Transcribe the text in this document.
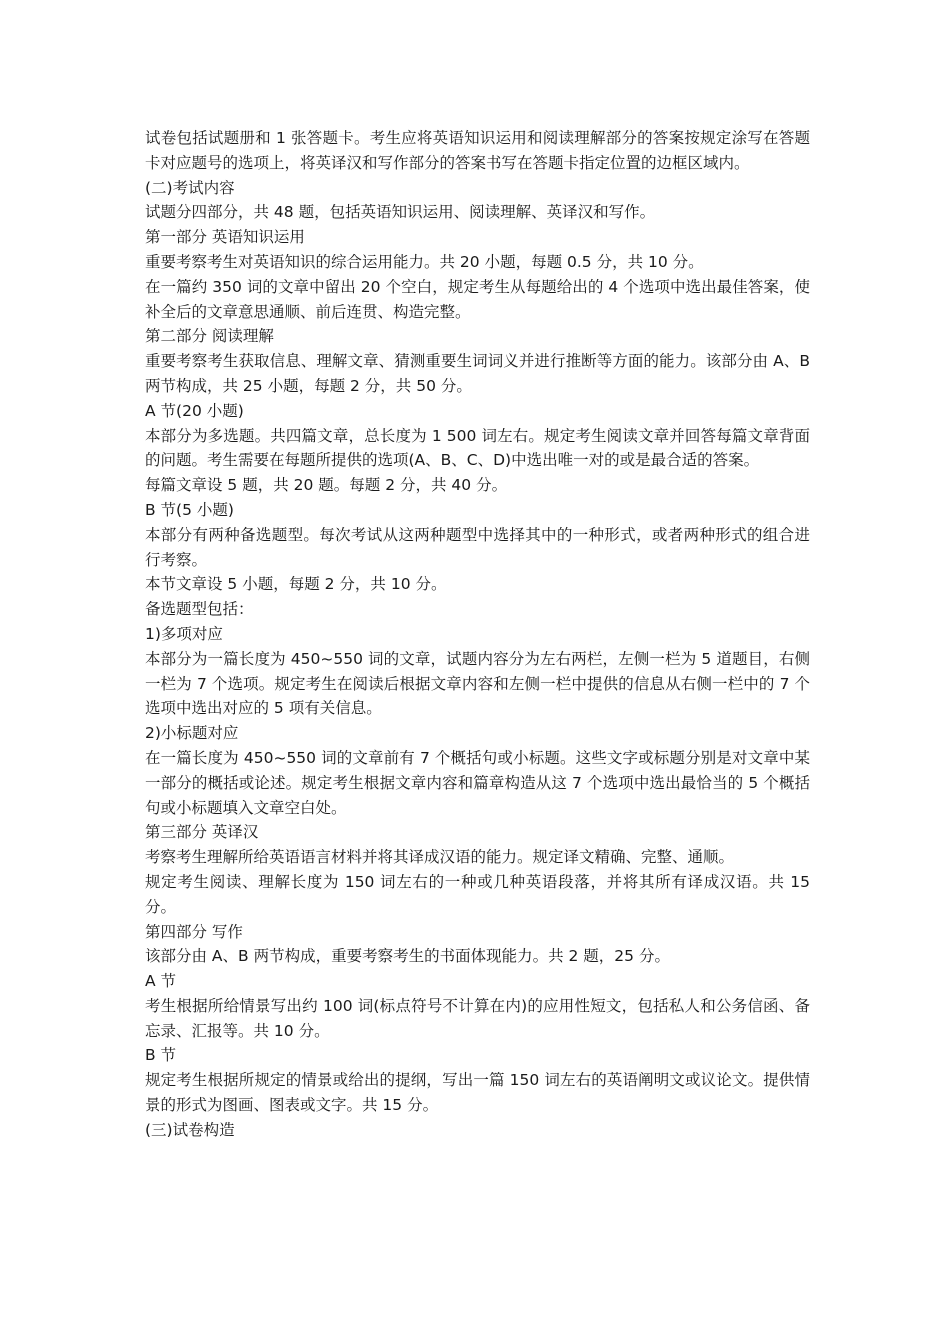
试卷包括试题册和 1 张答题卡。考生应将英语知识运用和阅读理解部分的答案按规定涂写在答题卡对应题号的选项上，将英译汉和写作部分的答案书写在答题卡指定位置的边框区域内。

(二)考试内容

试题分四部分，共 48 题，包括英语知识运用、阅读理解、英译汉和写作。

第一部分 英语知识运用

重要考察考生对英语知识的综合运用能力。共 20 小题，每题 0.5 分，共 10 分。

在一篇约 350 词的文章中留出 20 个空白，规定考生从每题给出的 4 个选项中选出最佳答案，使补全后的文章意思通顺、前后连贯、构造完整。

第二部分 阅读理解

重要考察考生获取信息、理解文章、猜测重要生词词义并进行推断等方面的能力。该部分由 A、B 两节构成，共 25 小题，每题 2 分，共 50 分。

A 节(20 小题)

本部分为多选题。共四篇文章，总长度为 1 500 词左右。规定考生阅读文章并回答每篇文章背面的问题。考生需要在每题所提供的选项(A、B、C、D)中选出唯一对的或是最合适的答案。

每篇文章设 5 题，共 20 题。每题 2 分，共 40 分。

B 节(5 小题)

本部分有两种备选题型。每次考试从这两种题型中选择其中的一种形式，或者两种形式的组合进行考察。

本节文章设 5 小题，每题 2 分，共 10 分。

备选题型包括：

1)多项对应

本部分为一篇长度为 450~550 词的文章，试题内容分为左右两栏，左侧一栏为 5 道题目，右侧一栏为 7 个选项。规定考生在阅读后根据文章内容和左侧一栏中提供的信息从右侧一栏中的 7 个选项中选出对应的 5 项有关信息。

2)小标题对应

在一篇长度为 450~550 词的文章前有 7 个概括句或小标题。这些文字或标题分别是对文章中某一部分的概括或论述。规定考生根据文章内容和篇章构造从这 7 个选项中选出最恰当的 5 个概括句或小标题填入文章空白处。

第三部分 英译汉

考察考生理解所给英语语言材料并将其译成汉语的能力。规定译文精确、完整、通顺。

规定考生阅读、理解长度为 150 词左右的一种或几种英语段落，并将其所有译成汉语。共 15 分。

第四部分 写作

该部分由 A、B 两节构成，重要考察考生的书面体现能力。共 2 题，25 分。

A 节

考生根据所给情景写出约 100 词(标点符号不计算在内)的应用性短文，包括私人和公务信函、备忘录、汇报等。共 10 分。

B 节

规定考生根据所规定的情景或给出的提纲，写出一篇 150 词左右的英语阐明文或议论文。提供情景的形式为图画、图表或文字。共 15 分。

(三)试卷构造
